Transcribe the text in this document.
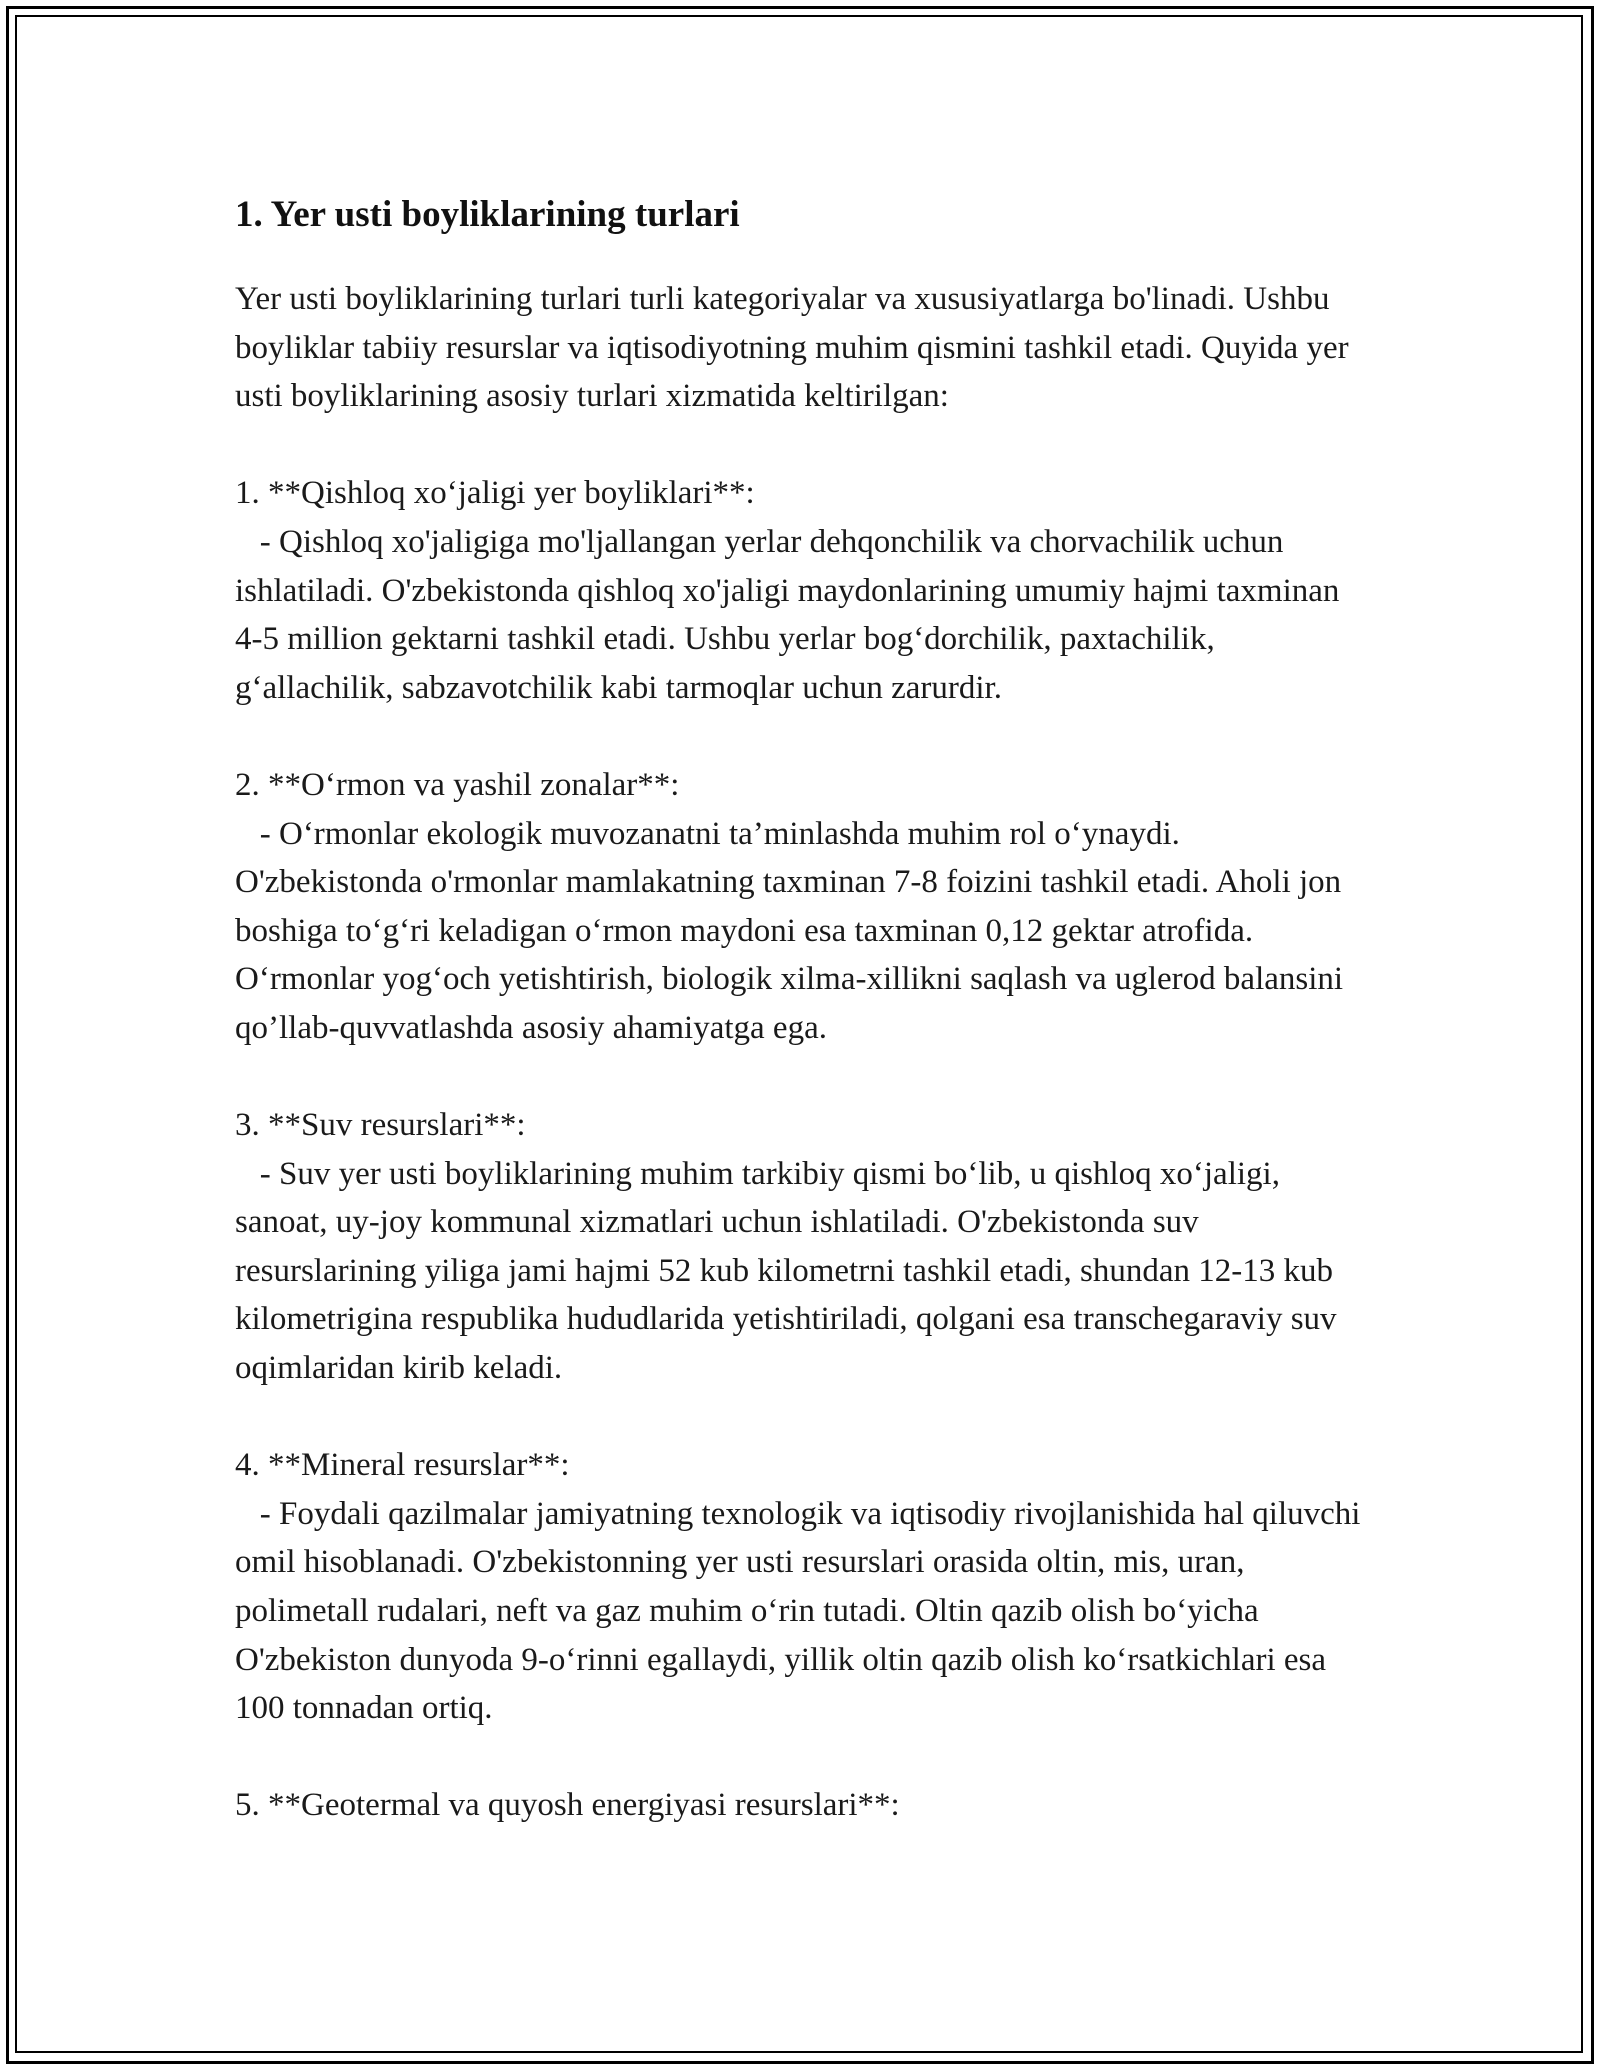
1. Yer usti boyliklarining turlari

Yer usti boyliklarining turlari turli kategoriyalar va xususiyatlarga bo'linadi. Ushbu boyliklar tabiiy resurslar va iqtisodiyotning muhim qismini tashkil etadi. Quyida yer usti boyliklarining asosiy turlari xizmatida keltirilgan:

1. **Qishloq xo‘jaligi yer boyliklari**:

- Qishloq xo'jaligiga mo'ljallangan yerlar dehqonchilik va chorvachilik uchun ishlatiladi. O'zbekistonda qishloq xo'jaligi maydonlarining umumiy hajmi taxminan 4-5 million gektarni tashkil etadi. Ushbu yerlar bog‘dorchilik, paxtachilik, g‘allachilik, sabzavotchilik kabi tarmoqlar uchun zarurdir.

2. **O‘rmon va yashil zonalar**:

- O‘rmonlar ekologik muvozanatni ta’minlashda muhim rol o‘ynaydi. O'zbekistonda o'rmonlar mamlakatning taxminan 7-8 foizini tashkil etadi. Aholi jon boshiga to‘g‘ri keladigan o‘rmon maydoni esa taxminan 0,12 gektar atrofida. O‘rmonlar yog‘och yetishtirish, biologik xilma-xillikni saqlash va uglerod balansini qo’llab-quvvatlashda asosiy ahamiyatga ega.

3. **Suv resurslari**:

- Suv yer usti boyliklarining muhim tarkibiy qismi bo‘lib, u qishloq xo‘jaligi, sanoat, uy-joy kommunal xizmatlari uchun ishlatiladi. O'zbekistonda suv resurslarining yiliga jami hajmi 52 kub kilometrni tashkil etadi, shundan 12-13 kub kilometrigina respublika hududlarida yetishtiriladi, qolgani esa transchegaraviy suv oqimlaridan kirib keladi.

4. **Mineral resurslar**:

- Foydali qazilmalar jamiyatning texnologik va iqtisodiy rivojlanishida hal qiluvchi omil hisoblanadi. O'zbekistonning yer usti resurslari orasida oltin, mis, uran, polimetall rudalari, neft va gaz muhim o‘rin tutadi. Oltin qazib olish bo‘yicha O'zbekiston dunyoda 9-o‘rinni egallaydi, yillik oltin qazib olish ko‘rsatkichlari esa 100 tonnadan ortiq.

5. **Geotermal va quyosh energiyasi resurslari**:
